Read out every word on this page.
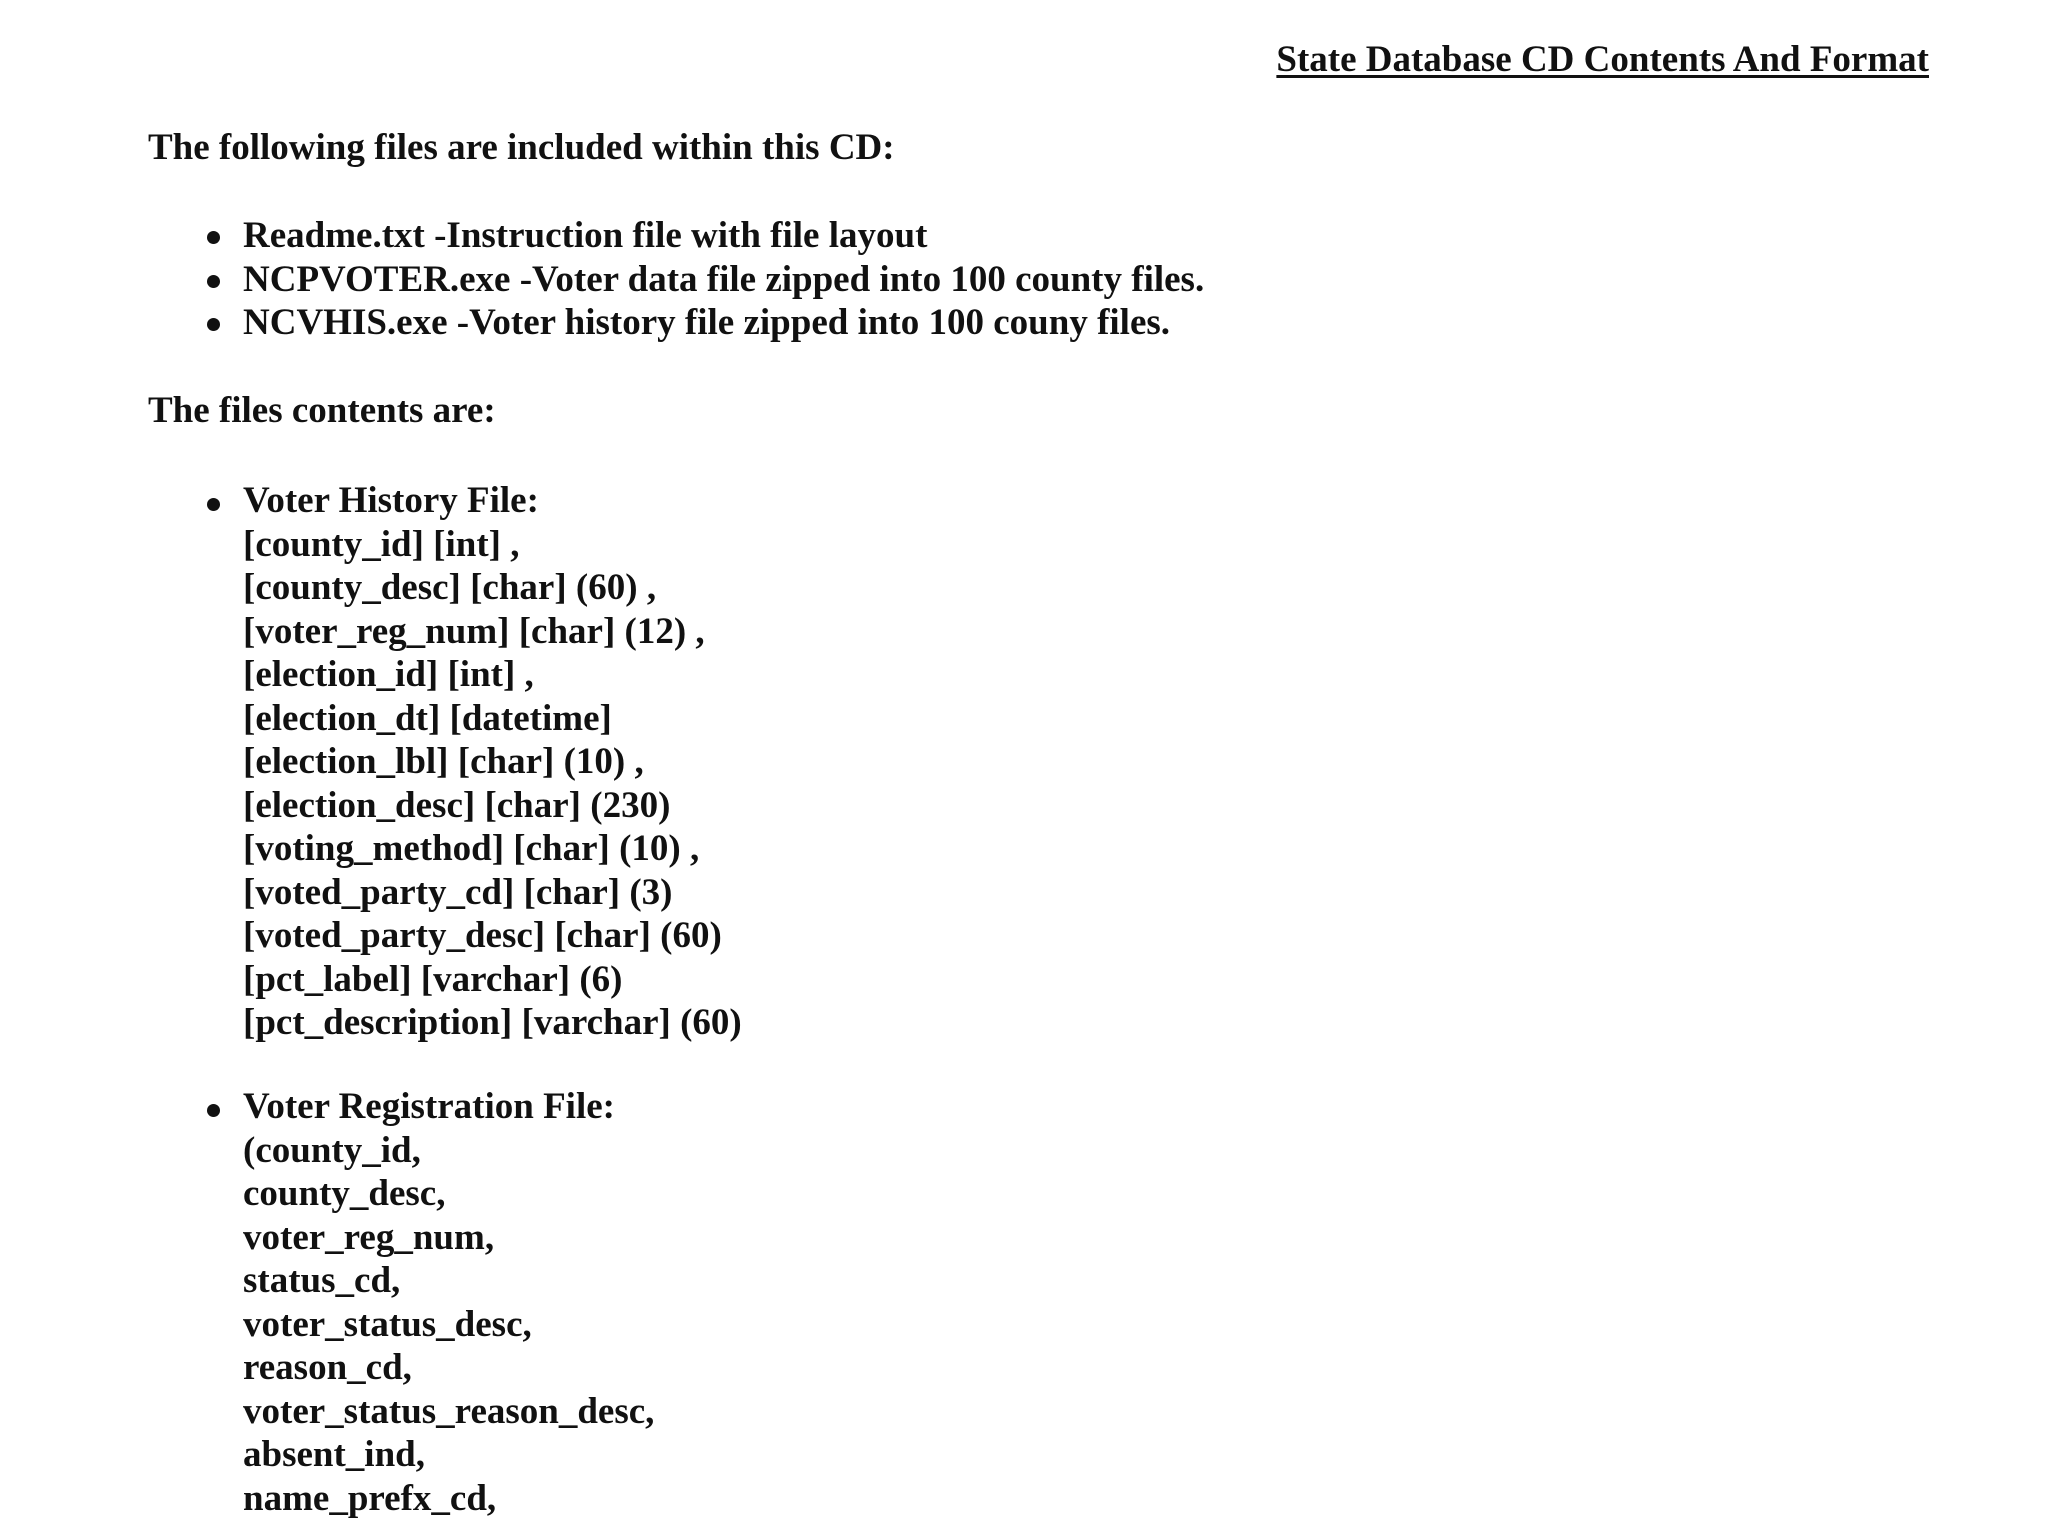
State Database CD Contents And Format

The following files are included within this CD:

Readme.txt -Instruction file with file layout
NCPVOTER.exe -Voter data file zipped into 100 county files.
NCVHIS.exe -Voter history file zipped into 100 couny files.

The files contents are:

Voter History File:
[county_id] [int] ,
[county_desc] [char] (60) ,
[voter_reg_num] [char] (12) ,
[election_id] [int] ,
[election_dt] [datetime]
[election_lbl] [char] (10) ,
[election_desc] [char] (230)
[voting_method] [char] (10) ,
[voted_party_cd] [char] (3)
[voted_party_desc] [char] (60)
[pct_label] [varchar] (6)
[pct_description] [varchar] (60)
Voter Registration File:
(county_id,
county_desc,
voter_reg_num,
status_cd,
voter_status_desc,
reason_cd,
voter_status_reason_desc,
absent_ind,
name_prefx_cd,
